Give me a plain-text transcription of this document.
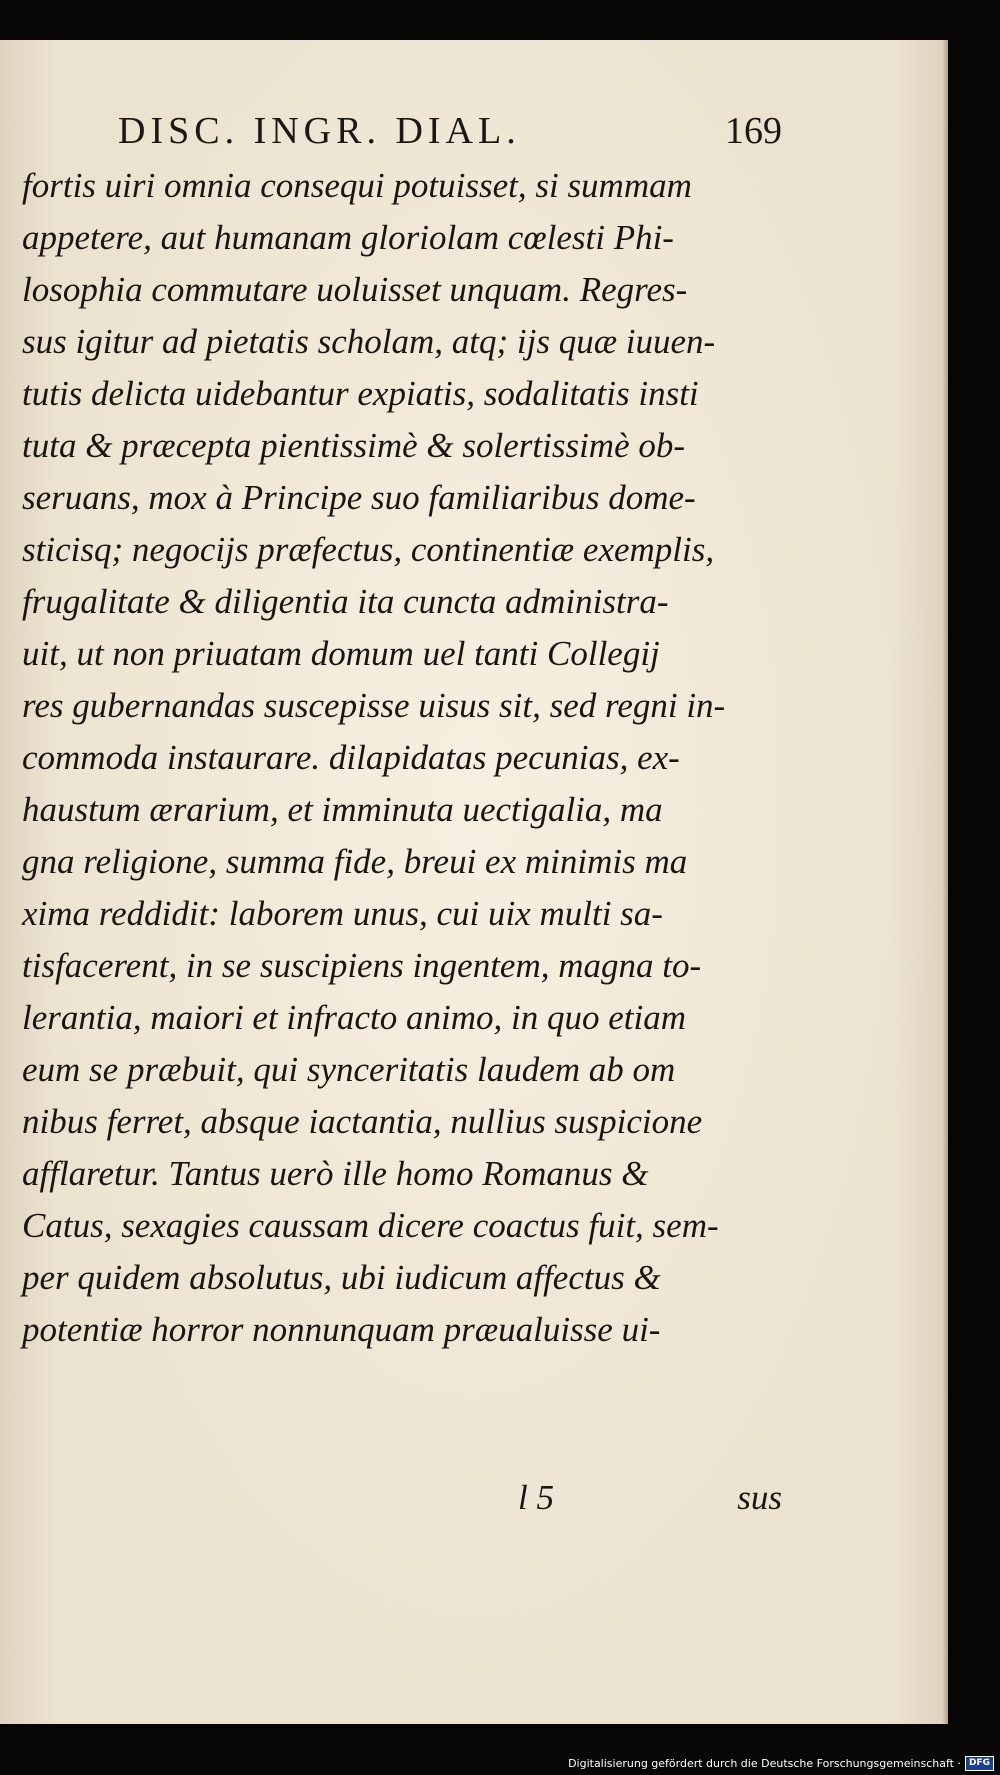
DISC. INGR. DIAL.	169
fortis uiri omnia consequi potuisset, si summam
appetere, aut humanam gloriolam cœlesti Phi-
losophia commutare uoluisset unquam. Regres-
sus igitur ad pietatis scholam, atq; ijs quæ iuuen-
tutis delicta uidebantur expiatis, sodalitatis insti
tuta & præcepta pientissimè & solertissimè ob-
seruans, mox à Principe suo familiaribus dome-
sticisq; negocijs præfectus, continentiæ exemplis,
frugalitate & diligentia ita cuncta administra-
uit, ut non priuatam domum uel tanti Collegij
res gubernandas suscepisse uisus sit, sed regni in-
commoda instaurare. dilapidatas pecunias, ex-
haustum ærarium, et imminuta uectigalia, ma
gna religione, summa fide, breui ex minimis ma
xima reddidit: laborem unus, cui uix multi sa-
tisfacerent, in se suscipiens ingentem, magna to-
lerantia, maiori et infracto animo, in quo etiam
eum se præbuit, qui synceritatis laudem ab om
nibus ferret, absque iactantia, nullius suspicione
afflaretur. Tantus uerò ille homo Romanus &
Catus, sexagies caussam dicere coactus fuit, sem-
per quidem absolutus, ubi iudicum affectus &
potentiæ horror nonnunquam præualuisse ui-
l 5	sus
Digitalisierung gefördert durch die Deutsche Forschungsgemeinschaft · DFG
